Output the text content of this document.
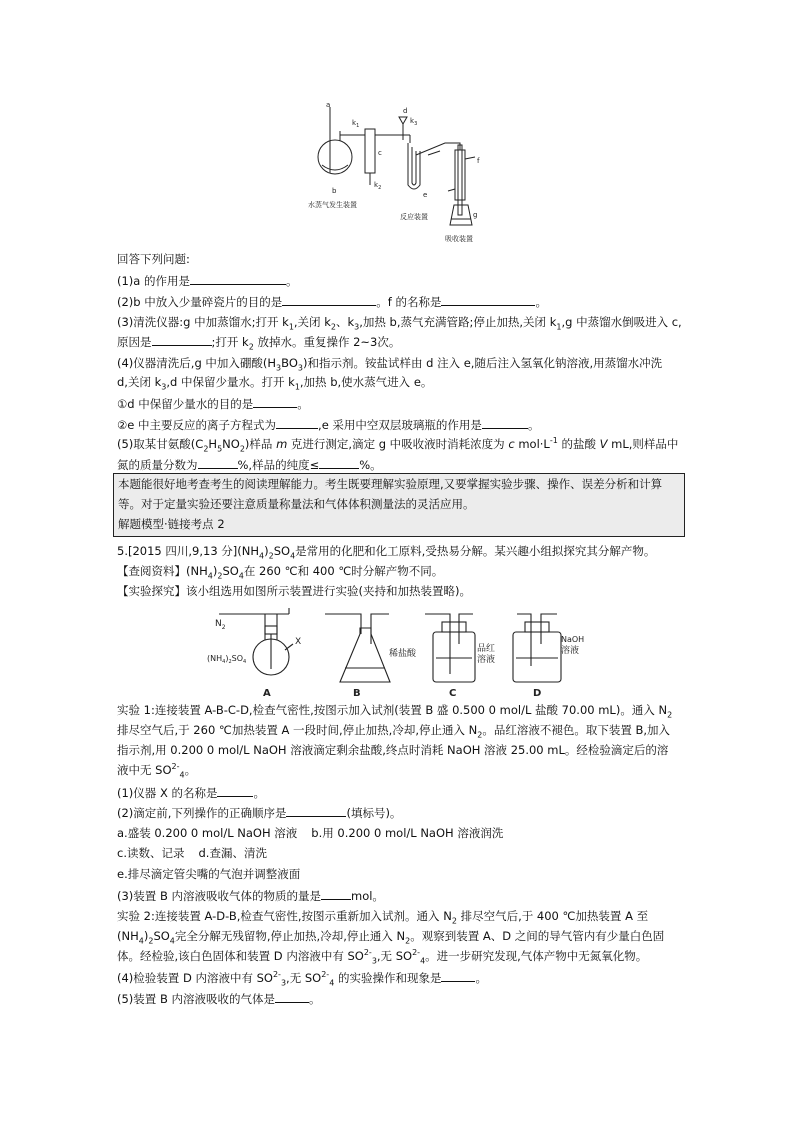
a
$k_1$
d
$k_3$
c
$k_2$
b	e
f
g
水蒸气发生装置
反应装置
吸收装置
回答下列问题:
(1)a 的作用是	。
(2)b 中放入少量碎瓷片的目的是	。f 的名称是	。
(3)清洗仪器:g 中加蒸馏水;打开 $k_1$,关闭 $k_2$、$k_3$,加热 b,蒸气充满管路;停止加热,关闭 $k_1,g$ 中蒸馏水倒吸进入 c,
原因是	;打开 $k_2$ 放掉水。重复操作 2~3次。
(4)仪器清洗后,g 中加入硼酸$(H_3BO_3)$和指示剂。铵盐试样由 d 注入 e,随后注入氢氧化钠溶液,用蒸馏水冲洗
d,关闭 $k_3,d$ 中保留少量水。打开 $k_1$,加热 b,使水蒸气进入 e。
①d 中保留少量水的目的是	。
②e 中主要反应的离子方程式为	,e 采用中空双层玻璃瓶的作用是	。
(5)取某甘氨酸$(C_2H_5NO_2)$样品 m 克进行测定,滴定 g 中吸收液时消耗浓度为 c $mol\cdot L^{-1}$ 的盐酸 V mL,则样品中
氮的质量分数为	%,样品的纯度≤	%。
本题能很好地考查考生的阅读理解能力。考生既要理解实验原理,又要掌握实验步骤、操作、误差分析和计算
等。对于定量实验还要注意质量称量法和气体体积测量法的灵活应用。
解题模型·链接考点 2
5.[2015 四川,9,13 分]$(NH_4)_2SO_4$是常用的化肥和化工原料,受热易分解。某兴趣小组拟探究其分解产物。
【查阅资料】$(NH_4)_2SO_4$在 260 ℃和 400 ℃时分解产物不同。
【实验探究】该小组选用如图所示装置进行实验(夹持和加热装置略)。
$N_2$
$(NH_4)_2SO_4$
X
稀盐酸	品红
溶液
NaOH
溶液
A	B	C	D
实验 1:连接装置 A-B-C-D,检查气密性,按图示加入试剂(装置 B 盛 0.500 0 mol/L 盐酸 70.00 mL)。通入 $N_2$
排尽空气后,于 260 ℃加热装置 A 一段时间,停止加热,冷却,停止通入 $N_2$。品红溶液不褪色。取下装置 B,加入
指示剂,用 0.200 0 mol/L NaOH 溶液滴定剩余盐酸,终点时消耗 NaOH 溶液 25.00 mL。经检验滴定后的溶
液中无 $SO^{2-}_4$。
(1)仪器 X 的名称是	。
(2)滴定前,下列操作的正确顺序是	(填标号)。
a.盛装 0.200 0 mol/L NaOH 溶液 b.用 0.200 0 mol/L NaOH 溶液润洗
c.读数、记录 d.查漏、清洗
e.排尽滴定管尖嘴的气泡并调整液面
(3)装置 B 内溶液吸收气体的物质的量是	mol。
实验 2:连接装置 A-D-B,检查气密性,按图示重新加入试剂。通入 $N_2$ 排尽空气后,于 400 ℃加热装置 A 至
$(NH_4)_2SO_4$完全分解无残留物,停止加热,冷却,停止通入 $N_2$。观察到装置 A、D 之间的导气管内有少量白色固
体。经检验,该白色固体和装置 D 内溶液中有 $SO^{2-}_3$,无 $SO^{2-}_4$。进一步研究发现,气体产物中无氮氧化物。
(4)检验装置 D 内溶液中有 $SO^{2-}_3$,无 $SO^{2-}_4$ 的实验操作和现象是	。
(5)装置 B 内溶液吸收的气体是	。
